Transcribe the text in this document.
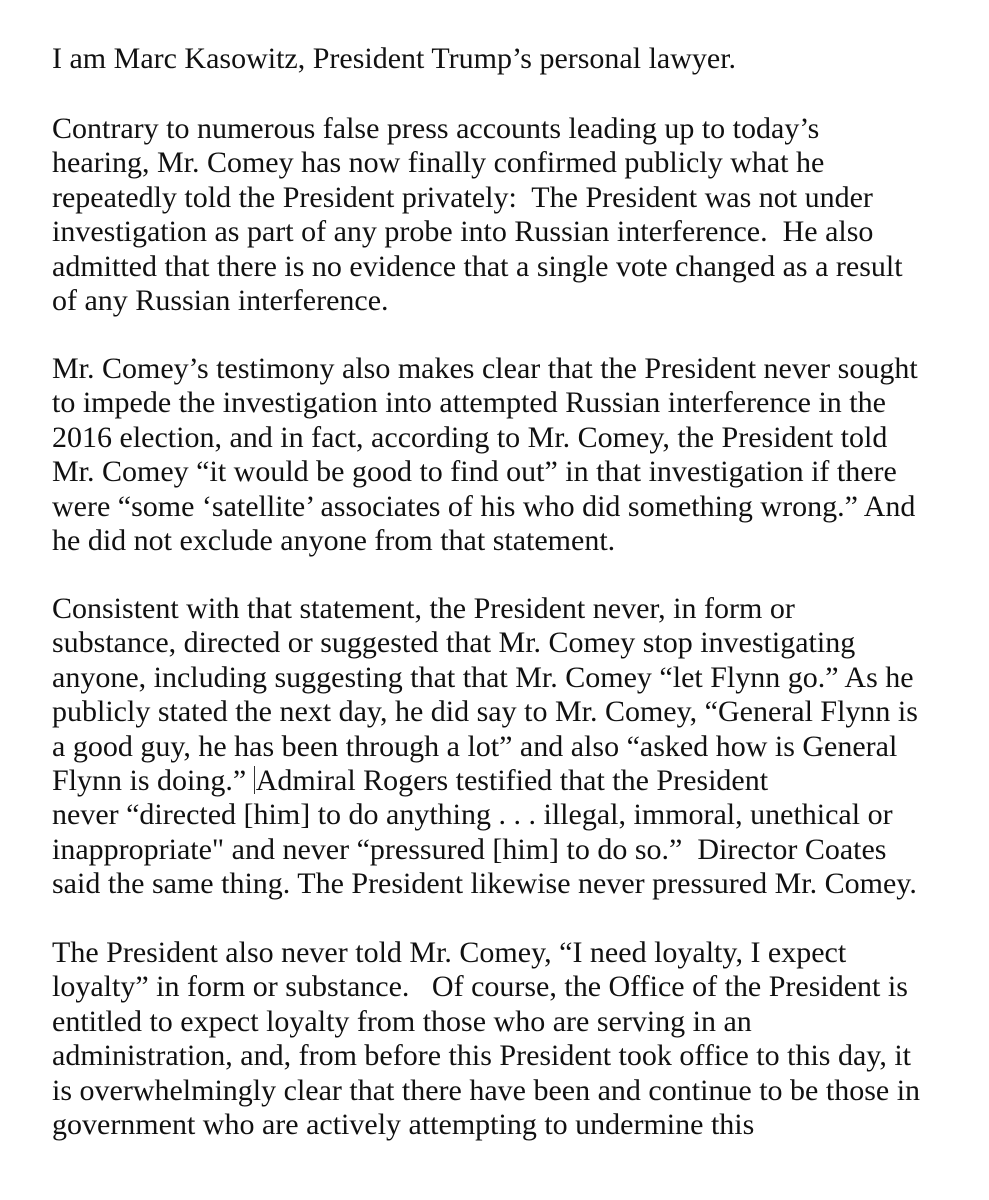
I am Marc Kasowitz, President Trump’s personal lawyer.

Contrary to numerous false press accounts leading up to today’s
hearing, Mr. Comey has now finally confirmed publicly what he
repeatedly told the President privately:  The President was not under
investigation as part of any probe into Russian interference.  He also
admitted that there is no evidence that a single vote changed as a result
of any Russian interference.

Mr. Comey’s testimony also makes clear that the President never sought
to impede the investigation into attempted Russian interference in the
2016 election, and in fact, according to Mr. Comey, the President told
Mr. Comey “it would be good to find out” in that investigation if there
were “some ‘satellite’ associates of his who did something wrong.” And
he did not exclude anyone from that statement.

Consistent with that statement, the President never, in form or
substance, directed or suggested that Mr. Comey stop investigating
anyone, including suggesting that that Mr. Comey “let Flynn go.” As he
publicly stated the next day, he did say to Mr. Comey, “General Flynn is
a good guy, he has been through a lot” and also “asked how is General
Flynn is doing.” Admiral Rogers testified that the President
never “directed [him] to do anything . . . illegal, immoral, unethical or
inappropriate" and never “pressured [him] to do so.”  Director Coates
said the same thing. The President likewise never pressured Mr. Comey.

The President also never told Mr. Comey, “I need loyalty, I expect
loyalty” in form or substance.   Of course, the Office of the President is
entitled to expect loyalty from those who are serving in an
administration, and, from before this President took office to this day, it
is overwhelmingly clear that there have been and continue to be those in
government who are actively attempting to undermine this
